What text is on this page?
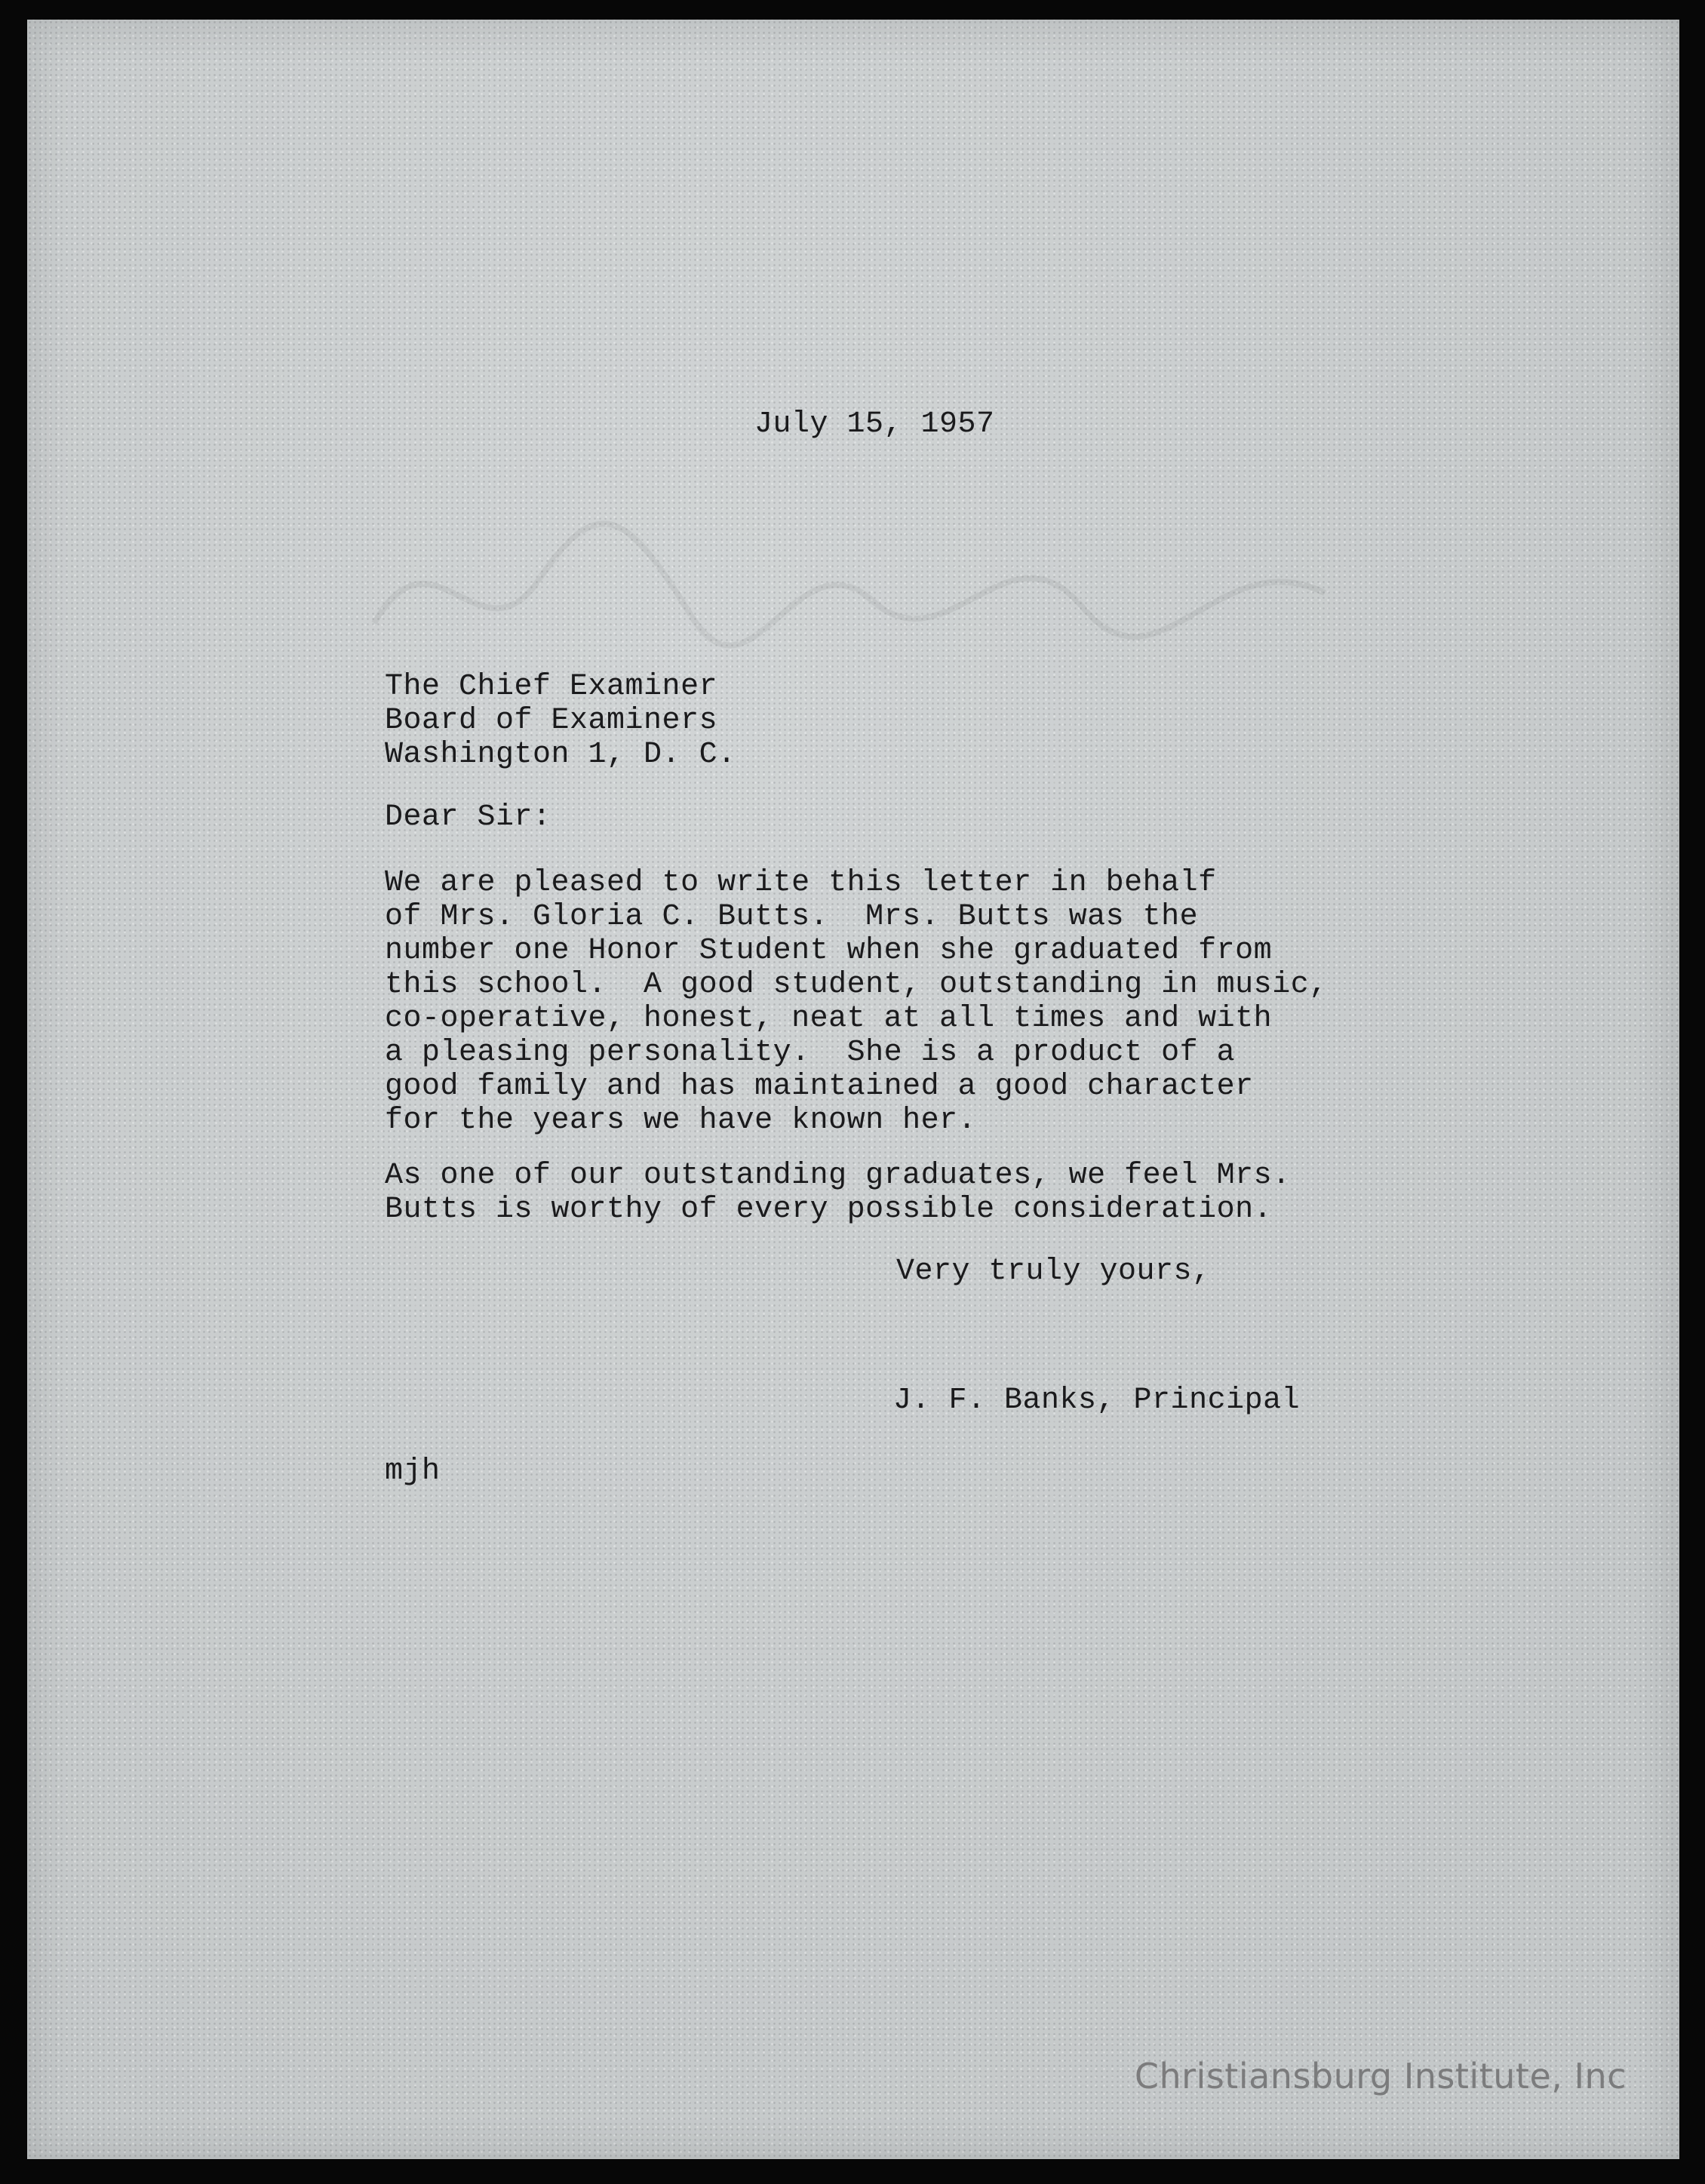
July 15, 1957

The Chief Examiner
Board of Examiners
Washington 1, D. C.

Dear Sir:

We are pleased to write this letter in behalf
of Mrs. Gloria C. Butts.  Mrs. Butts was the
number one Honor Student when she graduated from
this school.  A good student, outstanding in music,
co-operative, honest, neat at all times and with
a pleasing personality.  She is a product of a
good family and has maintained a good character
for the years we have known her.
As one of our outstanding graduates, we feel Mrs.
Butts is worthy of every possible consideration.

Very truly yours,

J. F. Banks, Principal

mjh

Christiansburg Institute, Inc
